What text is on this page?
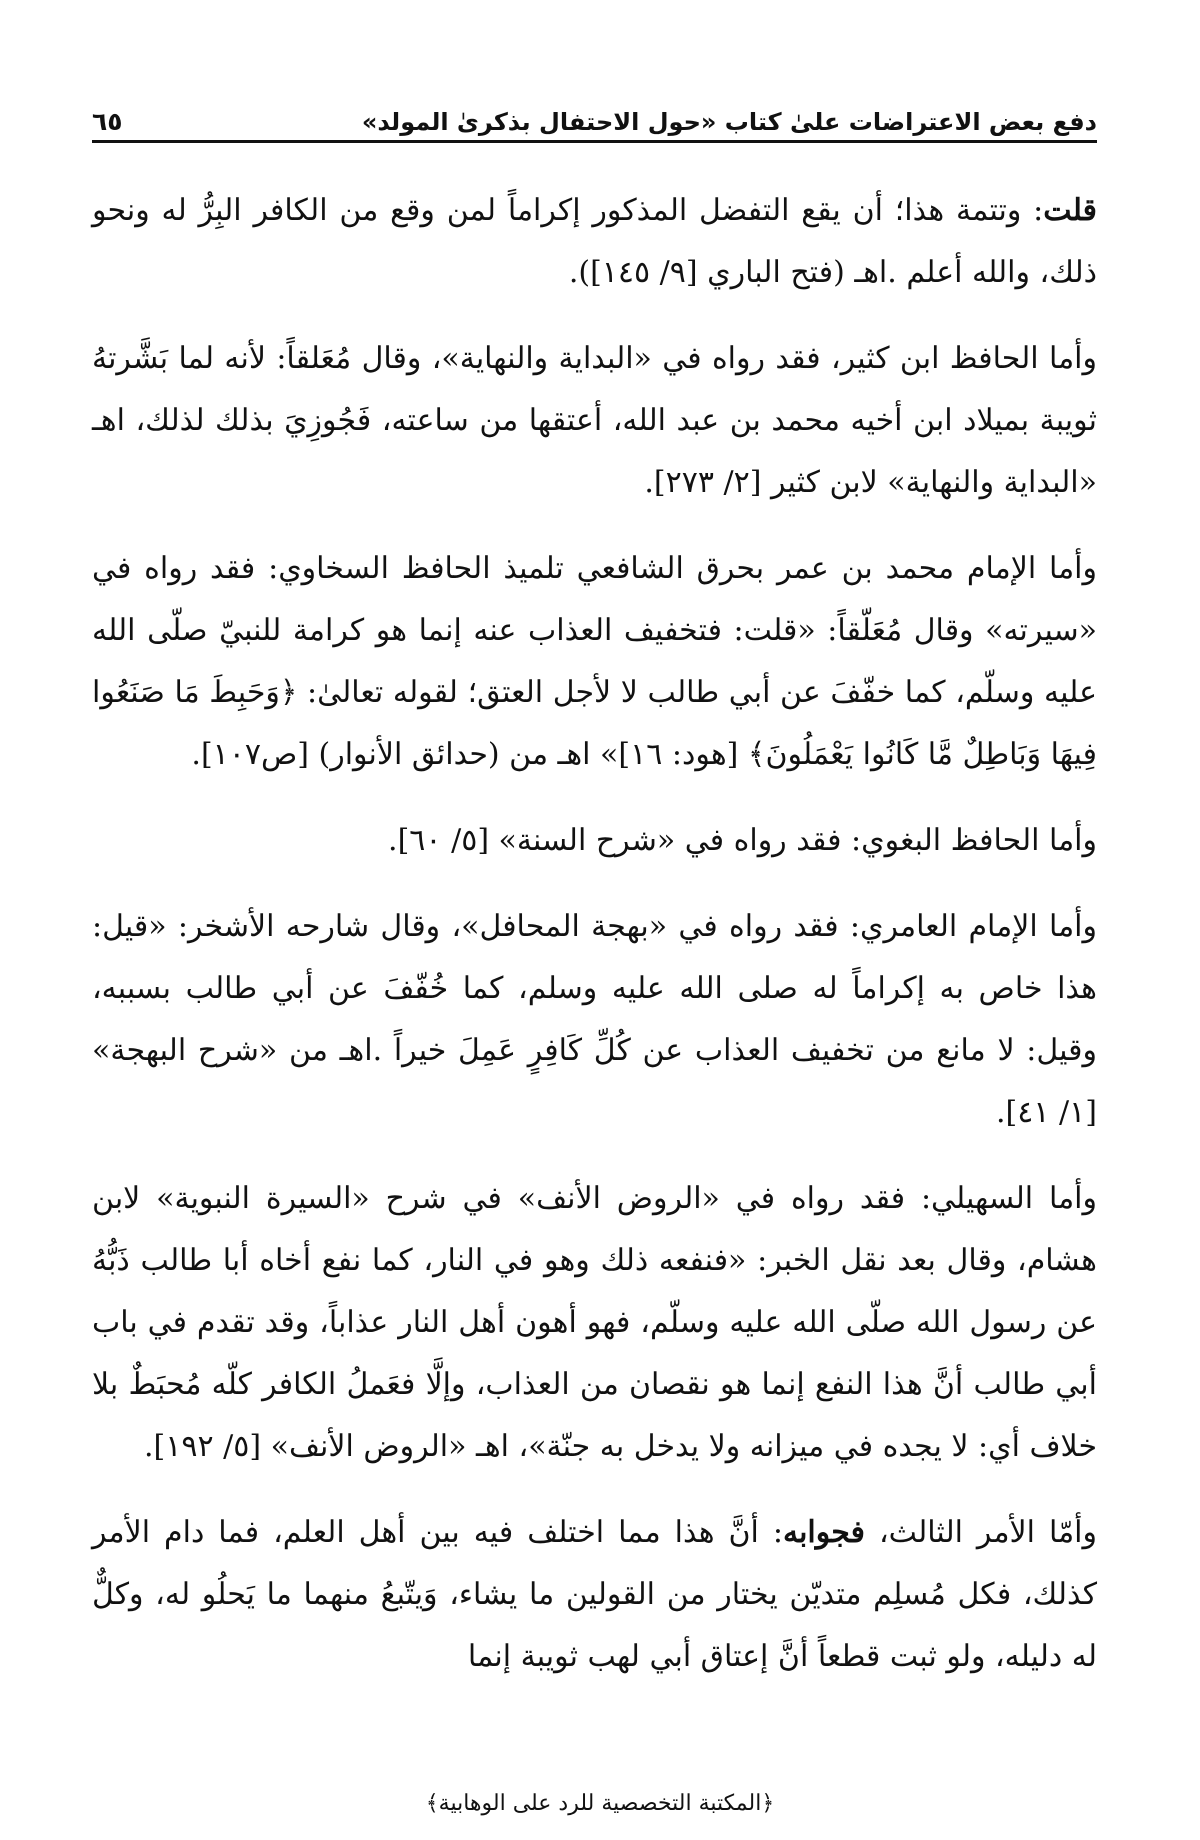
دفع بعض الاعتراضات علىٰ كتاب «حول الاحتفال بذكرىٰ المولد»
٦٥

قلت: وتتمة هذا؛ أن يقع التفضل المذكور إكراماً لمن وقع من الكافر البِرُّ له ونحو ذلك، والله أعلم .اهـ (فتح الباري [٩/ ١٤٥]).

وأما الحافظ ابن كثير، فقد رواه في «البداية والنهاية»، وقال مُعَلقاً: لأنه لما بَشَّرتهُ ثويبة بميلاد ابن أخيه محمد بن عبد الله، أعتقها من ساعته، فَجُوزِيَ بذلك لذلك، اهـ «البداية والنهاية» لابن كثير [٢/ ٢٧٣].

وأما الإمام محمد بن عمر بحرق الشافعي تلميذ الحافظ السخاوي: فقد رواه في «سيرته» وقال مُعَلّقاً: «قلت: فتخفيف العذاب عنه إنما هو كرامة للنبيّ صلّى الله عليه وسلّم، كما خفّفَ عن أبي طالب لا لأجل العتق؛ لقوله تعالىٰ: ﴿وَحَبِطَ مَا صَنَعُوا فِيهَا وَبَاطِلٌ مَّا كَانُوا يَعْمَلُونَ﴾ [هود: ١٦]» اهـ من (حدائق الأنوار) [ص١٠٧].

وأما الحافظ البغوي: فقد رواه في «شرح السنة» [٥/ ٦٠].

وأما الإمام العامري: فقد رواه في «بهجة المحافل»، وقال شارحه الأشخر: «قيل: هذا خاص به إكراماً له صلى الله عليه وسلم، كما خُفّفَ عن أبي طالب بسببه، وقيل: لا مانع من تخفيف العذاب عن كُلِّ كَافِرٍ عَمِلَ خيراً .اهـ من «شرح البهجة» [١/ ٤١].

وأما السهيلي: فقد رواه في «الروض الأنف» في شرح «السيرة النبوية» لابن هشام، وقال بعد نقل الخبر: «فنفعه ذلك وهو في النار، كما نفع أخاه أبا طالب ذَبُّهُ عن رسول الله صلّى الله عليه وسلّم، فهو أهون أهل النار عذاباً، وقد تقدم في باب أبي طالب أنَّ هذا النفع إنما هو نقصان من العذاب، وإلَّا فعَملُ الكافر كلّه مُحبَطٌ بلا خلاف أي: لا يجده في ميزانه ولا يدخل به جنّة»، اهـ «الروض الأنف» [٥/ ١٩٢].

وأمّا الأمر الثالث، فجوابه: أنَّ هذا مما اختلف فيه بين أهل العلم، فما دام الأمر كذلك، فكل مُسلِم متديّن يختار من القولين ما يشاء، وَيتّبعُ منهما ما يَحلُو له، وكلٌّ له دليله، ولو ثبت قطعاً أنَّ إعتاق أبي لهب ثويبة إنما

﴿المكتبة التخصصية للرد على الوهابية﴾
